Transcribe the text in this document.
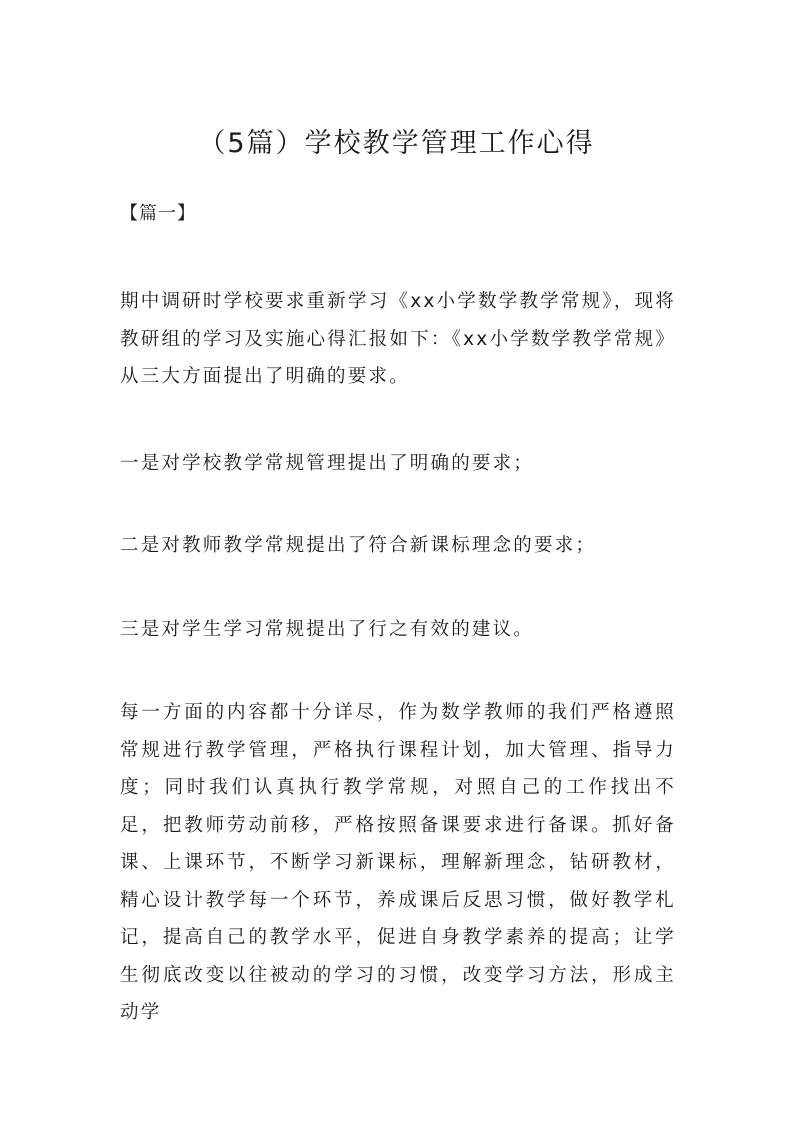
（5篇）学校教学管理工作心得
【篇一】

期中调研时学校要求重新学习《xx小学数学教学常规》，现将教研组的学习及实施心得汇报如下：《xx小学数学教学常规》从三大方面提出了明确的要求。

一是对学校教学常规管理提出了明确的要求；

二是对教师教学常规提出了符合新课标理念的要求；

三是对学生学习常规提出了行之有效的建议。

每一方面的内容都十分详尽，作为数学教师的我们严格遵照常规进行教学管理，严格执行课程计划，加大管理、指导力度；同时我们认真执行教学常规，对照自己的工作找出不足，把教师劳动前移，严格按照备课要求进行备课。抓好备课、上课环节，不断学习新课标，理解新理念，钻研教材，精心设计教学每一个环节，养成课后反思习惯，做好教学札记，提高自己的教学水平，促进自身教学素养的提高；让学生彻底改变以往被动的学习的习惯，改变学习方法，形成主动学
